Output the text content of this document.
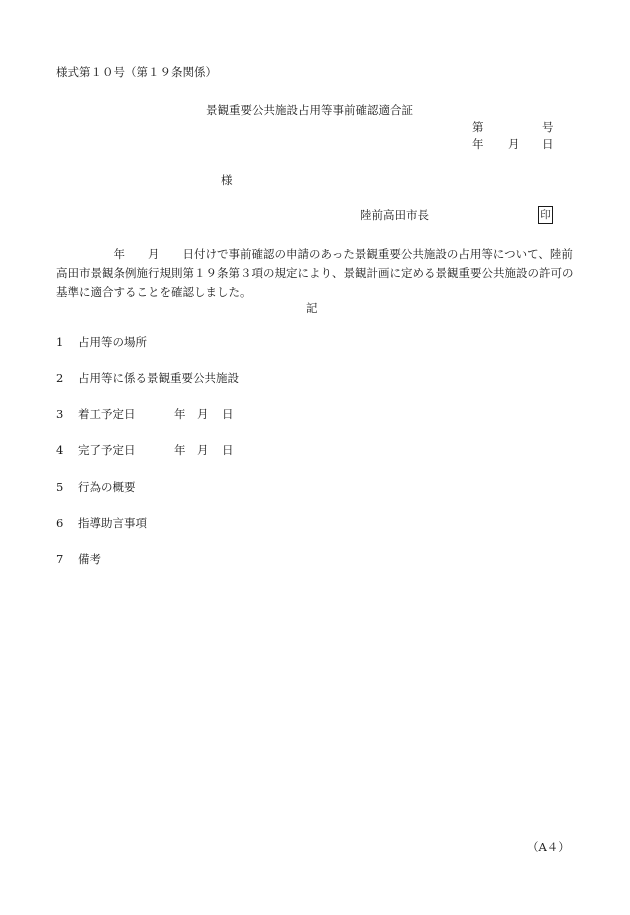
様式第１０号（第１９条関係）
景観重要公共施設占用等事前確認適合証
第	号
年 月 日
様
陸前高田市長	印
　　　　　年　　月　　日付けで事前確認の申請のあった景観重要公共施設の占用等について、陸前高田市景観条例施行規則第１９条第３項の規定により、景観計画に定める景観重要公共施設の許可の基準に適合することを確認しました。
記
1 占用等の場所
2 占用等に係る景観重要公共施設
3 着工予定日	年 月 日
4 完了予定日	年 月 日
5 行為の概要
6 指導助言事項
7 備考
（A４）
